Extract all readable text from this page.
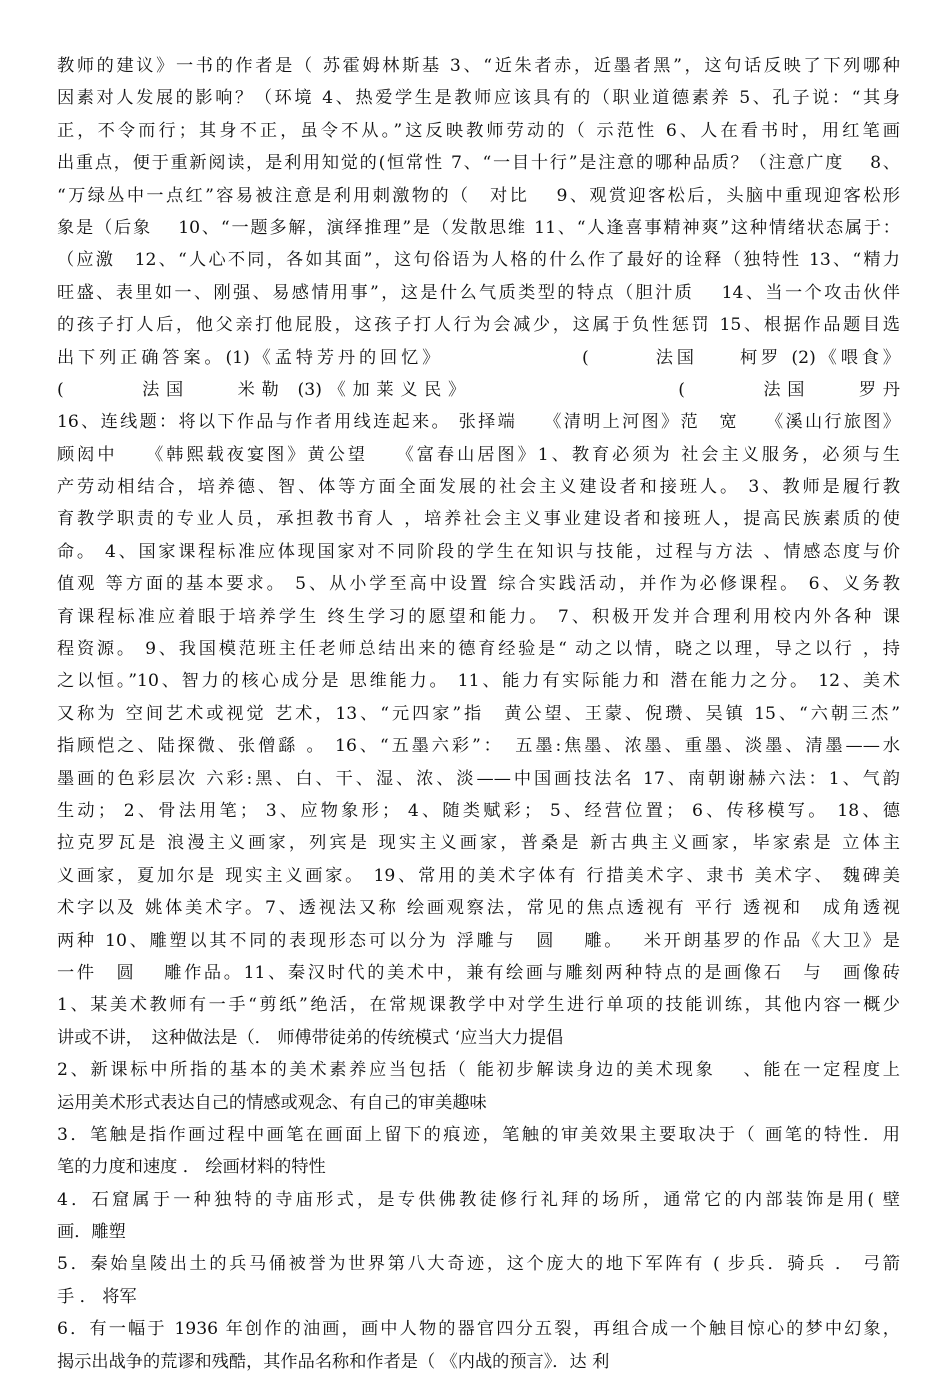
教师的建议》一书的作者是（ 苏霍姆林斯基 3、“近朱者赤，近墨者黑”，这句话反映了下列哪种
因素对人发展的影响？（环境 4、热爱学生是教师应该具有的（职业道德素养 5、孔子说：“其身
正，不令而行；其身不正，虽令不从。”这反映教师劳动的（ 示范性 6、人在看书时，用红笔画
出重点，便于重新阅读，是利用知觉的(恒常性 7、“一目十行”是注意的哪种品质？（注意广度　 8、
“万绿丛中一点红”容易被注意是利用刺激物的（　对比　 9、观赏迎客松后，头脑中重现迎客松形
象是（后象　 10、“一题多解，演绎推理”是（发散思维 11、“人逢喜事精神爽”这种情绪状态属于：
（应激　12、“人心不同，各如其面”，这句俗语为人格的什么作了最好的诠释（独特性 13、“精力
旺盛、表里如一、刚强、易感情用事”，这是什么气质类型的特点（胆汁质　 14、当一个攻击伙伴
的孩子打人后，他父亲打他屁股，这孩子打人行为会减少，这属于负性惩罚 15、根据作品题目选
出下列正确答案。(1)《孟特芳丹的回忆》　　　　　　　(　　　法国　　柯罗 (2)《喂食》
(　　　法国　　米勒 (3)《加莱义民》　　　　　　　　　(　　　法国　　罗丹
16、连线题：将以下作品与作者用线连起来。 张择端　 《清明上河图》范　宽　 《溪山行旅图》
顾闳中　 《韩熙载夜宴图》黄公望　 《富春山居图》1、教育必须为 社会主义服务，必须与生
产劳动相结合，培养德、智、体等方面全面发展的社会主义建设者和接班人。 3、教师是履行教
育教学职责的专业人员，承担教书育人 ，培养社会主义事业建设者和接班人，提高民族素质的使
命。 4、国家课程标准应体现国家对不同阶段的学生在知识与技能，过程与方法 、情感态度与价
值观 等方面的基本要求。 5、从小学至高中设置 综合实践活动，并作为必修课程。 6、义务教
育课程标准应着眼于培养学生 终生学习的愿望和能力。 7、积极开发并合理利用校内外各种 课
程资源。 9、我国模范班主任老师总结出来的德育经验是“ 动之以情，晓之以理，导之以行 ，持
之以恒。”10、智力的核心成分是 思维能力。 11、能力有实际能力和 潜在能力之分。 12、美术
又称为 空间艺术或视觉 艺术，13、“元四家”指　黄公望、王蒙、倪瓒、吴镇 15、“六朝三杰”
指顾恺之、陆探微、张僧繇 。 16、“五墨六彩”：　五墨:焦墨、浓墨、重墨、淡墨、清墨——水
墨画的色彩层次 六彩:黑、白、干、湿、浓、淡——中国画技法名 17、南朝谢赫六法：1、气韵
生动； 2、骨法用笔； 3、应物象形； 4、随类赋彩； 5、经营位置； 6、传移模写。 18、德
拉克罗瓦是 浪漫主义画家，列宾是 现实主义画家，普桑是 新古典主义画家，毕家索是 立体主
义画家，夏加尔是 现实主义画家。 19、常用的美术字体有 行措美术字、隶书 美术字、 魏碑美
术字以及 姚体美术字。7、透视法又称 绘画观察法，常见的焦点透视有 平行 透视和　成角透视
两种 10、雕塑以其不同的表现形态可以分为 浮雕与　圆　 雕。　 米开朗基罗的作品《大卫》是
一件　圆　 雕作品。11、秦汉时代的美术中，兼有绘画与雕刻两种特点的是画像石　与　画像砖
1、某美术教师有一手“剪纸”绝活，在常规课教学中对学生进行单项的技能训练，其他内容一概少
讲或不讲，　这种做法是（． 师傅带徒弟的传统模式 ‘应当大力提倡
2、新课标中所指的基本的美术素养应当包括（ 能初步解读身边的美术现象　 、能在一定程度上
运用美术形式表达自己的情感或观念、有自己的审美趣味
3．笔触是指作画过程中画笔在画面上留下的痕迹，笔触的审美效果主要取决于（ 画笔的特性．用
笔的力度和速度 ． 绘画材料的特性
4．石窟属于一种独特的寺庙形式，是专供佛教徒修行礼拜的场所，通常它的内部装饰是用( 壁
画．雕塑
5．秦始皇陵出土的兵马俑被誉为世界第八大奇迹，这个庞大的地下军阵有 ( 步兵．骑兵 ． 弓箭
手 ． 将军
6．有一幅于 1936 年创作的油画，画中人物的器官四分五裂，再组合成一个触目惊心的梦中幻象，
揭示出战争的荒谬和残酷，其作品名称和作者是（ 《内战的预言》．达 利
